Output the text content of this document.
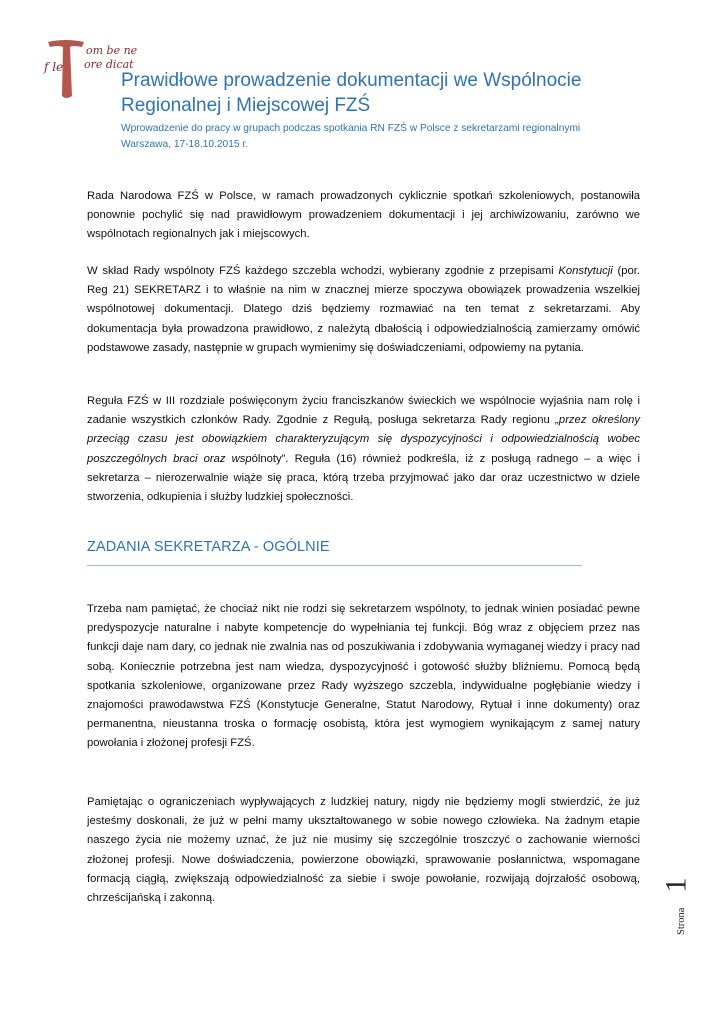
om be ne
f le ore dicat
Prawidłowe prowadzenie dokumentacji we Wspólnocie
Regionalnej i Miejscowej FZŚ
Wprowadzenie do pracy w grupach podczas spotkania RN FZŚ w Polsce z sekretarzami regionalnymi
Warszawa, 17-18.10.2015 r.

Rada Narodowa FZŚ w Polsce, w ramach prowadzonych cyklicznie spotkań szkoleniowych, postanowiła ponownie pochylić się nad prawidłowym prowadzeniem dokumentacji i jej archiwizowaniu, zarówno we wspólnotach regionalnych jak i miejscowych.

W skład Rady wspólnoty FZŚ każdego szczebla wchodzi, wybierany zgodnie z przepisami Konstytucji (por. Reg 21) SEKRETARZ i to właśnie na nim w znacznej mierze spoczywa obowiązek prowadzenia wszelkiej wspólnotowej dokumentacji. Dlatego dziś będziemy rozmawiać na ten temat z sekretarzami. Aby dokumentacja była prowadzona prawidłowo, z należytą dbałością i odpowiedzialnością zamierzamy omówić podstawowe zasady, następnie w grupach wymienimy się doświadczeniami, odpowiemy na pytania.

Reguła FZŚ w III rozdziale poświęconym życiu franciszkanów świeckich we wspólnocie wyjaśnia nam rolę i zadanie wszystkich członków Rady. Zgodnie z Regułą, posługa sekretarza Rady regionu „przez określony przeciąg czasu jest obowiązkiem charakteryzującym się dyspozycyjności i odpowiedzialnością wobec poszczególnych braci oraz wspólnoty”. Reguła (16) również podkreśla, iż z posługą radnego – a więc i sekretarza – nierozerwalnie wiąże się praca, którą trzeba przyjmować jako dar oraz uczestnictwo w dziele stworzenia, odkupienia i służby ludzkiej społeczności.

ZADANIA SEKRETARZA - OGÓLNIE

Trzeba nam pamiętać, że chociaż nikt nie rodzi się sekretarzem wspólnoty, to jednak winien posiadać pewne predyspozycje naturalne i nabyte kompetencje do wypełniania tej funkcji. Bóg wraz z objęciem przez nas funkcji daje nam dary, co jednak nie zwalnia nas od poszukiwania i zdobywania wymaganej wiedzy i pracy nad sobą. Koniecznie potrzebna jest nam wiedza, dyspozycyjność i gotowość służby bliźniemu. Pomocą będą spotkania szkoleniowe, organizowane przez Rady wyższego szczebla, indywidualne pogłębianie wiedzy i znajomości prawodawstwa FZŚ (Konstytucje Generalne, Statut Narodowy, Rytuał i inne dokumenty) oraz permanentna, nieustanna troska o formację osobistą, która jest wymogiem wynikającym z samej natury powołania i złożonej profesji FZŚ.

Pamiętając o ograniczeniach wypływających z ludzkiej natury, nigdy nie będziemy mogli stwierdzić, że już jesteśmy doskonali, że już w pełni mamy ukształtowanego w sobie nowego człowieka. Na żadnym etapie naszego życia nie możemy uznać, że już nie musimy się szczególnie troszczyć o zachowanie wierności złożonej profesji. Nowe doświadczenia, powierzone obowiązki, sprawowanie posłannictwa, wspomagane formacją ciągłą, zwiększają odpowiedzialność za siebie i swoje powołanie, rozwijają dojrzałość osobową, chrześcijańską i zakonną.

1
Strona
